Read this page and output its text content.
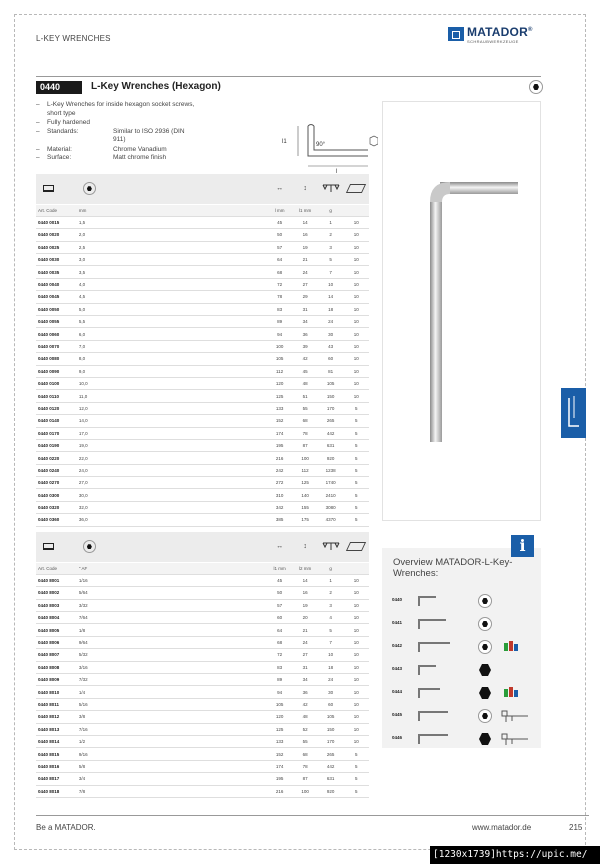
L-KEY WRENCHES	MATADOR®
SCHRAUBWERKZEUGE
0440	L-Key Wrenches (Hexagon)
–	L-Key Wrenches for inside hexagon socket screws, short type
–	Fully hardened
–	Standards:	Similar to ISO 2936 (DIN 911)
–	Material:	Chrome Vanadium
–	Surface:	Matt chrome finish
l1	90°
l
			↔	↕		
Art. Code	mm		l mm	l1 mm	g	
0440 0015	1,5		45	14	1	10
0440 0020	2,0		50	16	2	10
0440 0025	2,5		57	19	3	10
0440 0030	3,0		64	21	5	10
0440 0035	3,5		68	24	7	10
0440 0040	4,0		72	27	10	10
0440 0045	4,5		78	29	14	10
0440 0050	5,0		83	31	18	10
0440 0055	5,5		89	34	24	10
0440 0060	6,0		94	36	30	10
0440 0070	7,0		100	39	43	10
0440 0080	8,0		105	42	60	10
0440 0090	9,0		112	45	81	10
0440 0100	10,0		120	48	105	10
0440 0110	11,0		125	51	150	10
0440 0120	12,0		133	55	170	5
0440 0140	14,0		152	68	265	5
0440 0170	17,0		174	78	442	5
0440 0190	19,0		195	87	631	5
0440 0220	22,0		216	100	920	5
0440 0240	24,0		242	112	1238	5
0440 0270	27,0		272	125	1740	5
0440 0300	30,0		310	140	2410	5
0440 0320	32,0		342	155	3080	5
0440 0360	36,0		385	175	4370	5
			↔	↕		
Art. Code	" AF		l1 mm	l2 mm	g	
0440 8001	1/16		45	14	1	10
0440 8002	5/64		50	16	2	10
0440 8003	3/32		57	19	3	10
0440 8004	7/64		60	20	4	10
0440 8005	1/8		64	21	5	10
0440 8006	9/64		68	24	7	10
0440 8007	5/32		72	27	10	10
0440 8008	3/16		83	31	18	10
0440 8009	7/32		89	34	24	10
0440 8010	1/4		94	36	30	10
0440 8011	5/16		105	42	60	10
0440 8012	3/8		120	48	105	10
0440 8013	7/16		125	52	150	10
0440 8014	1/2		133	55	170	10
0440 8015	9/16		152	68	265	5
0440 8016	5/8		174	78	442	5
0440 8017	3/4		195	87	631	5
0440 8018	7/8		216	100	920	5
Overview MATADOR-L-Key-Wrenches:
0440
0441
0442
0443
0444
0445
0446
i
Be a MATADOR.	www.matador.de	215
[1230x1739]https://upic.me/
